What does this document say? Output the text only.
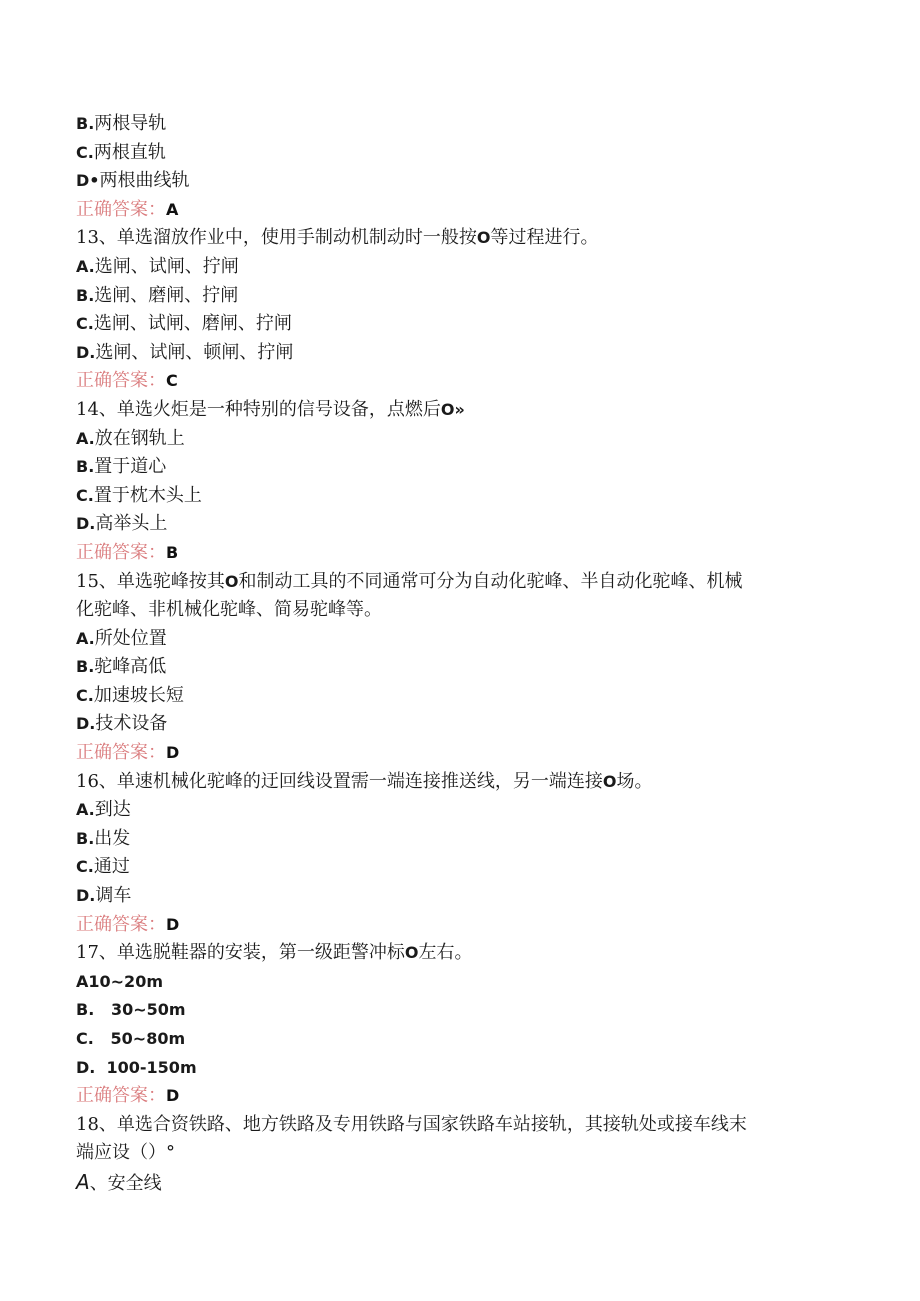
B.两根导轨
C.两根直轨
D•两根曲线轨
正确答案：A
13、单选溜放作业中，使用手制动机制动时一般按O等过程进行。
A.选闸、试闸、拧闸
B.选闸、磨闸、拧闸
C.选闸、试闸、磨闸、拧闸
D.选闸、试闸、顿闸、拧闸
正确答案：C
14、单选火炬是一种特别的信号设备，点燃后O»
A.放在钢轨上
B.置于道心
C.置于枕木头上
D.高举头上
正确答案：B
15、单选驼峰按其O和制动工具的不同通常可分为自动化驼峰、半自动化驼峰、机械
化驼峰、非机械化驼峰、简易驼峰等。
A.所处位置
B.驼峰高低
C.加速坡长短
D.技术设备
正确答案：D
16、单速机械化驼峰的迂回线设置需一端连接推送线，另一端连接O场。
A.到达
B.出发
C.通过
D.调车
正确答案：D
17、单选脱鞋器的安装，第一级距警冲标O左右。
A10~20m
B.   30~50m
C.   50~80m
D.  100-150m
正确答案：D
18、单选合资铁路、地方铁路及专用铁路与国家铁路车站接轨，其接轨处或接车线末
端应设（）°
A、安全线
